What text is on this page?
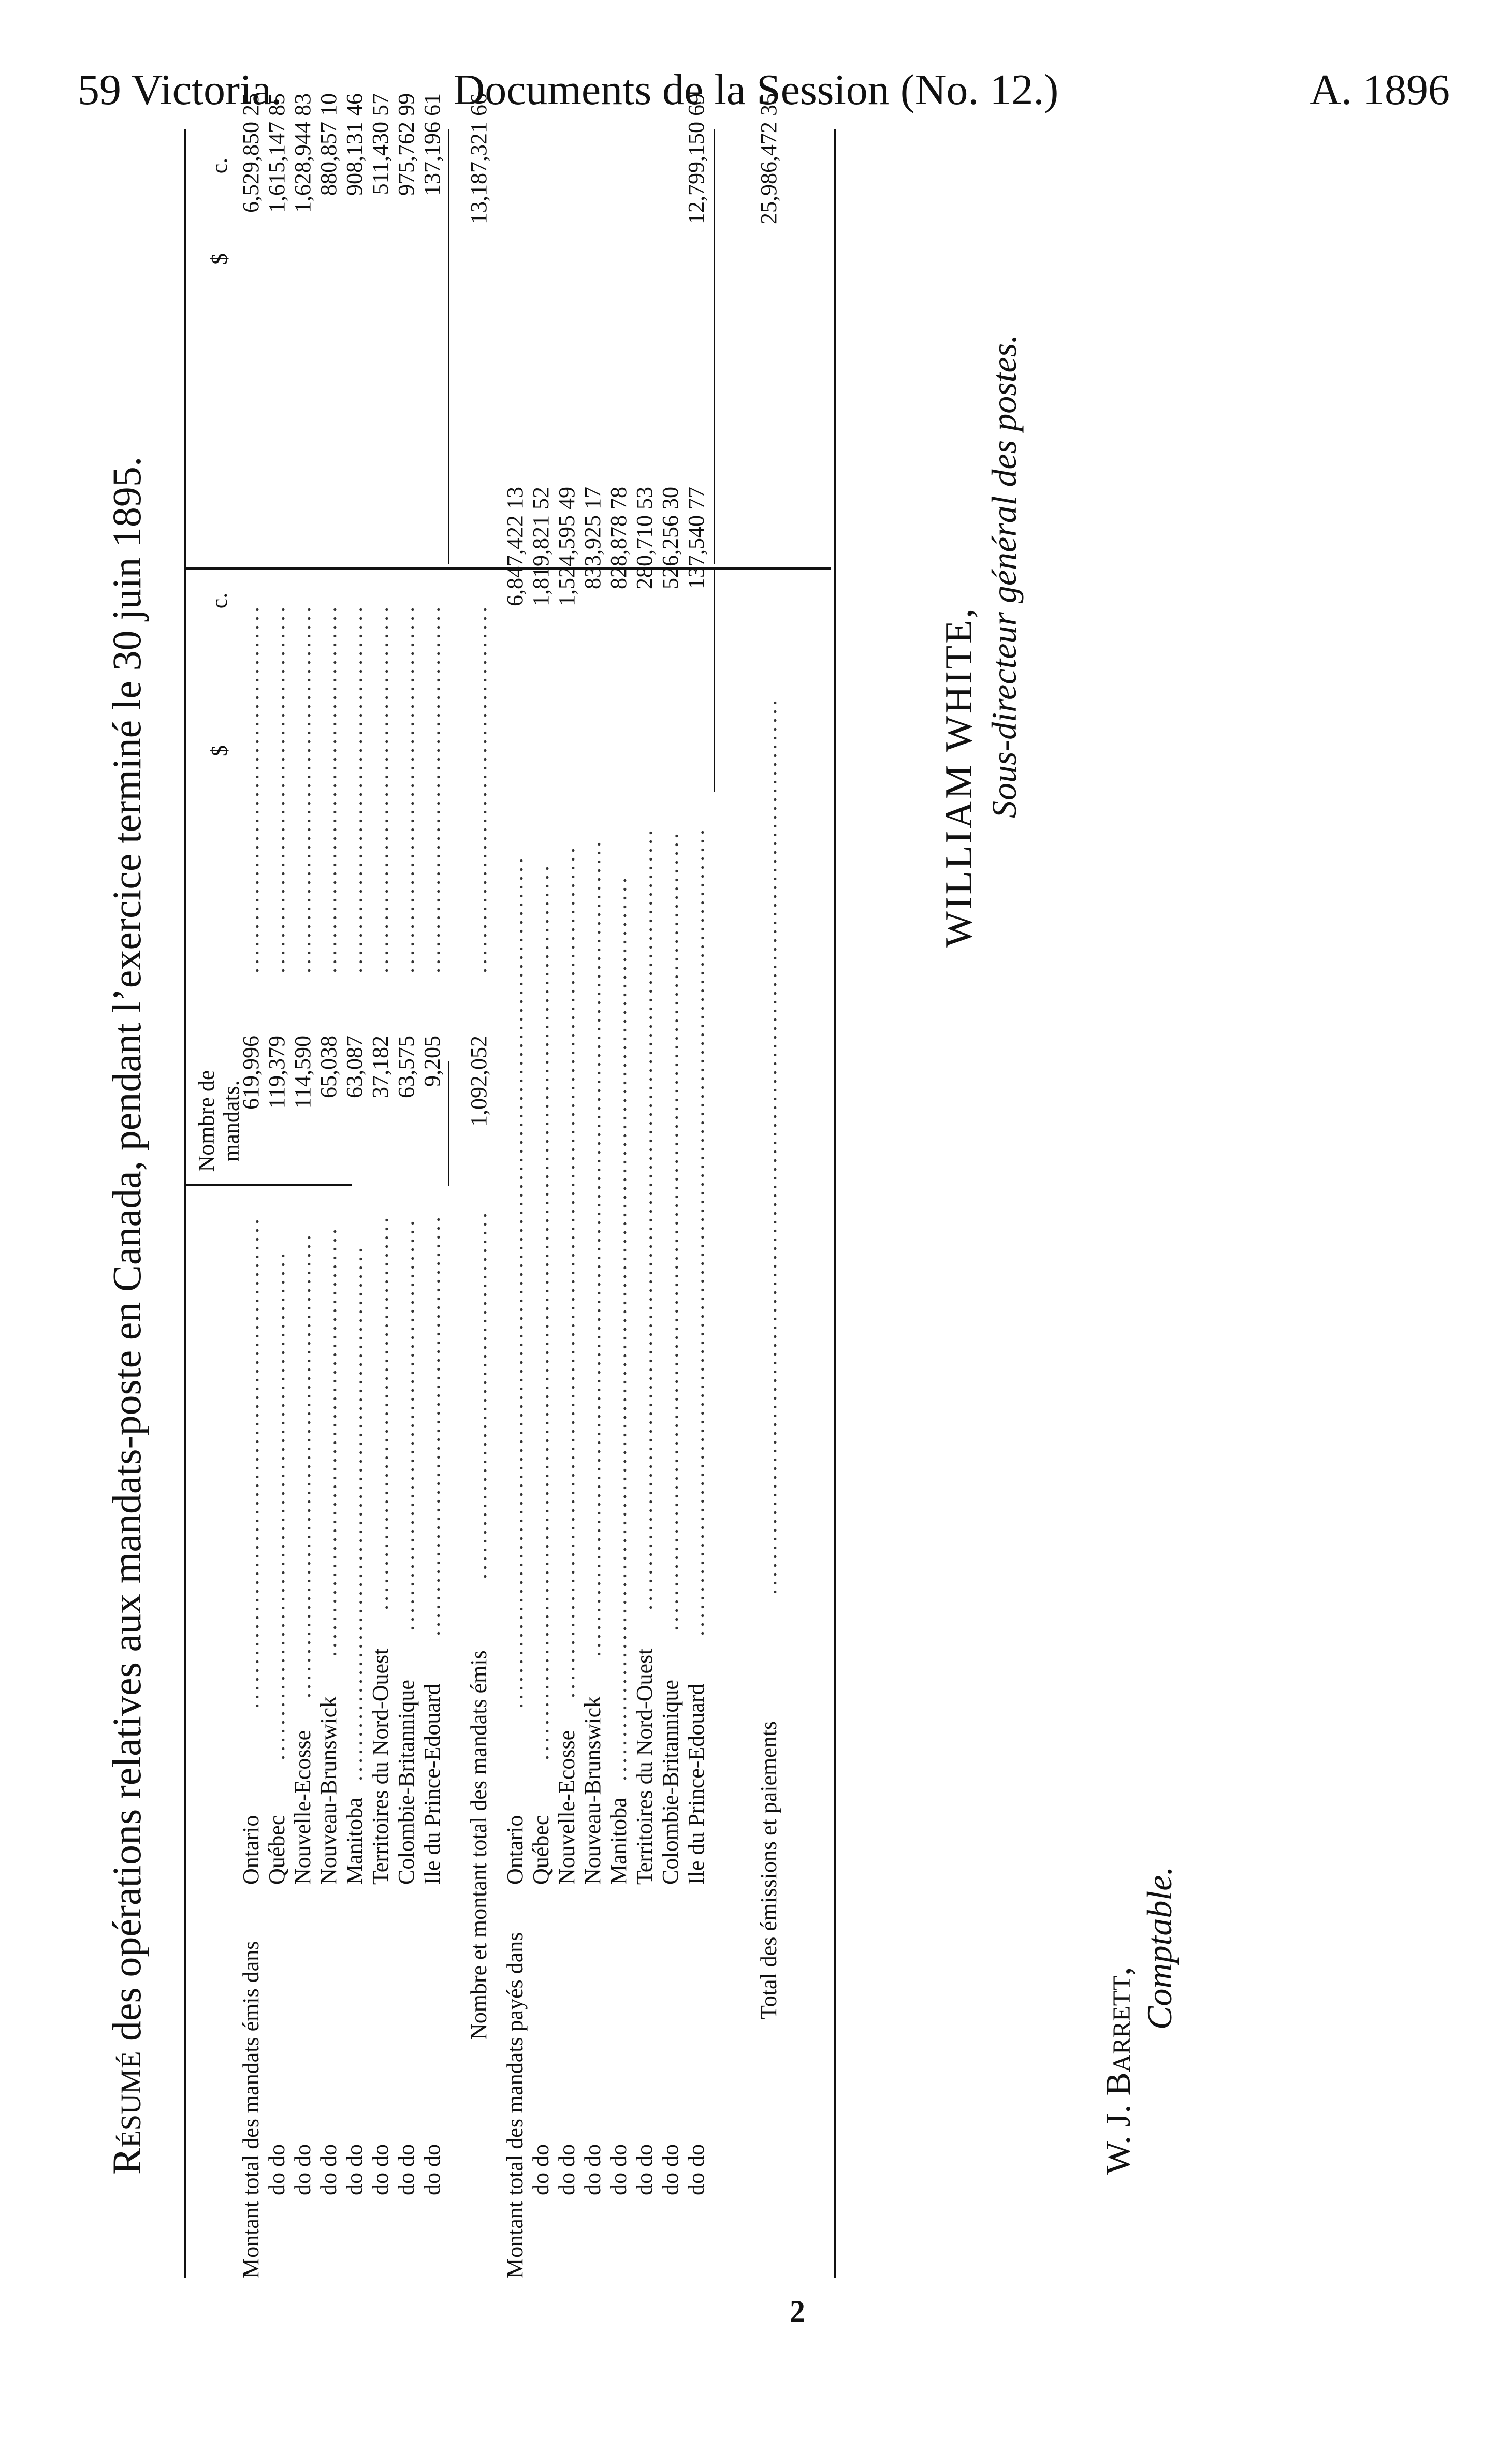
59 Victoria.	Documents de la Session (No. 12.)	A. 1896
Résumé des opérations relatives aux mandats-poste en Canada, pendant l’exercice terminé le 30 juin 1895. Nombre de mandats.
$
c.
$
c.
Montant total des mandats émis dans
Ontario
........................................................
619,996
..........................................
6,529,850 25
do do
Québec
..........................................................
119,379
..........................................
1,615,147 85
do do
Nouvelle-Ecosse
.....................................................
114,590
..........................................
1,628,944 83
do do
Nouveau-Brunswick
.................................................
65,038
..........................................
880,857 10
do do
Manitoba
.............................................................
63,087
..........................................
908,131 46
do do
Territoires du Nord-Ouest
.............................................
37,182
..........................................
511,430 57
do do
Colombie-Britannique
...............................................
63,575
..........................................
975,762 99
do do
Ile du Prince-Edouard
................................................
9,205
..........................................
137,196 61
Nombre et montant total des mandats émis
..........................................
1,092,052
..........................................
13,187,321 66
Montant total des mandats payés dans
Ontario
.................................................................................................
6,847,422 13
do do
Québec
......................................................................................................
1,819,821 52
do do
Nouvelle-Ecosse
.................................................................................................
1,524,595 49
do do
Nouveau-Brunswick
.............................................................................................
833,925 17
do do
Manitoba
.......................................................................................................
828,878 78
do do
Territoires du Nord-Ouest
.........................................................................................
280,710 53
do do
Colombie-Britannique
...........................................................................................
526,256 30
do do
Ile du Prince-Edouard
............................................................................................
137,540 77
12,799,150 69
Total des émissions et paiements
......................................................................................................
25,986,472 35
W. J. Barrett,
Comptable.
WILLIAM WHITE, Sous-directeur général des postes.
2
